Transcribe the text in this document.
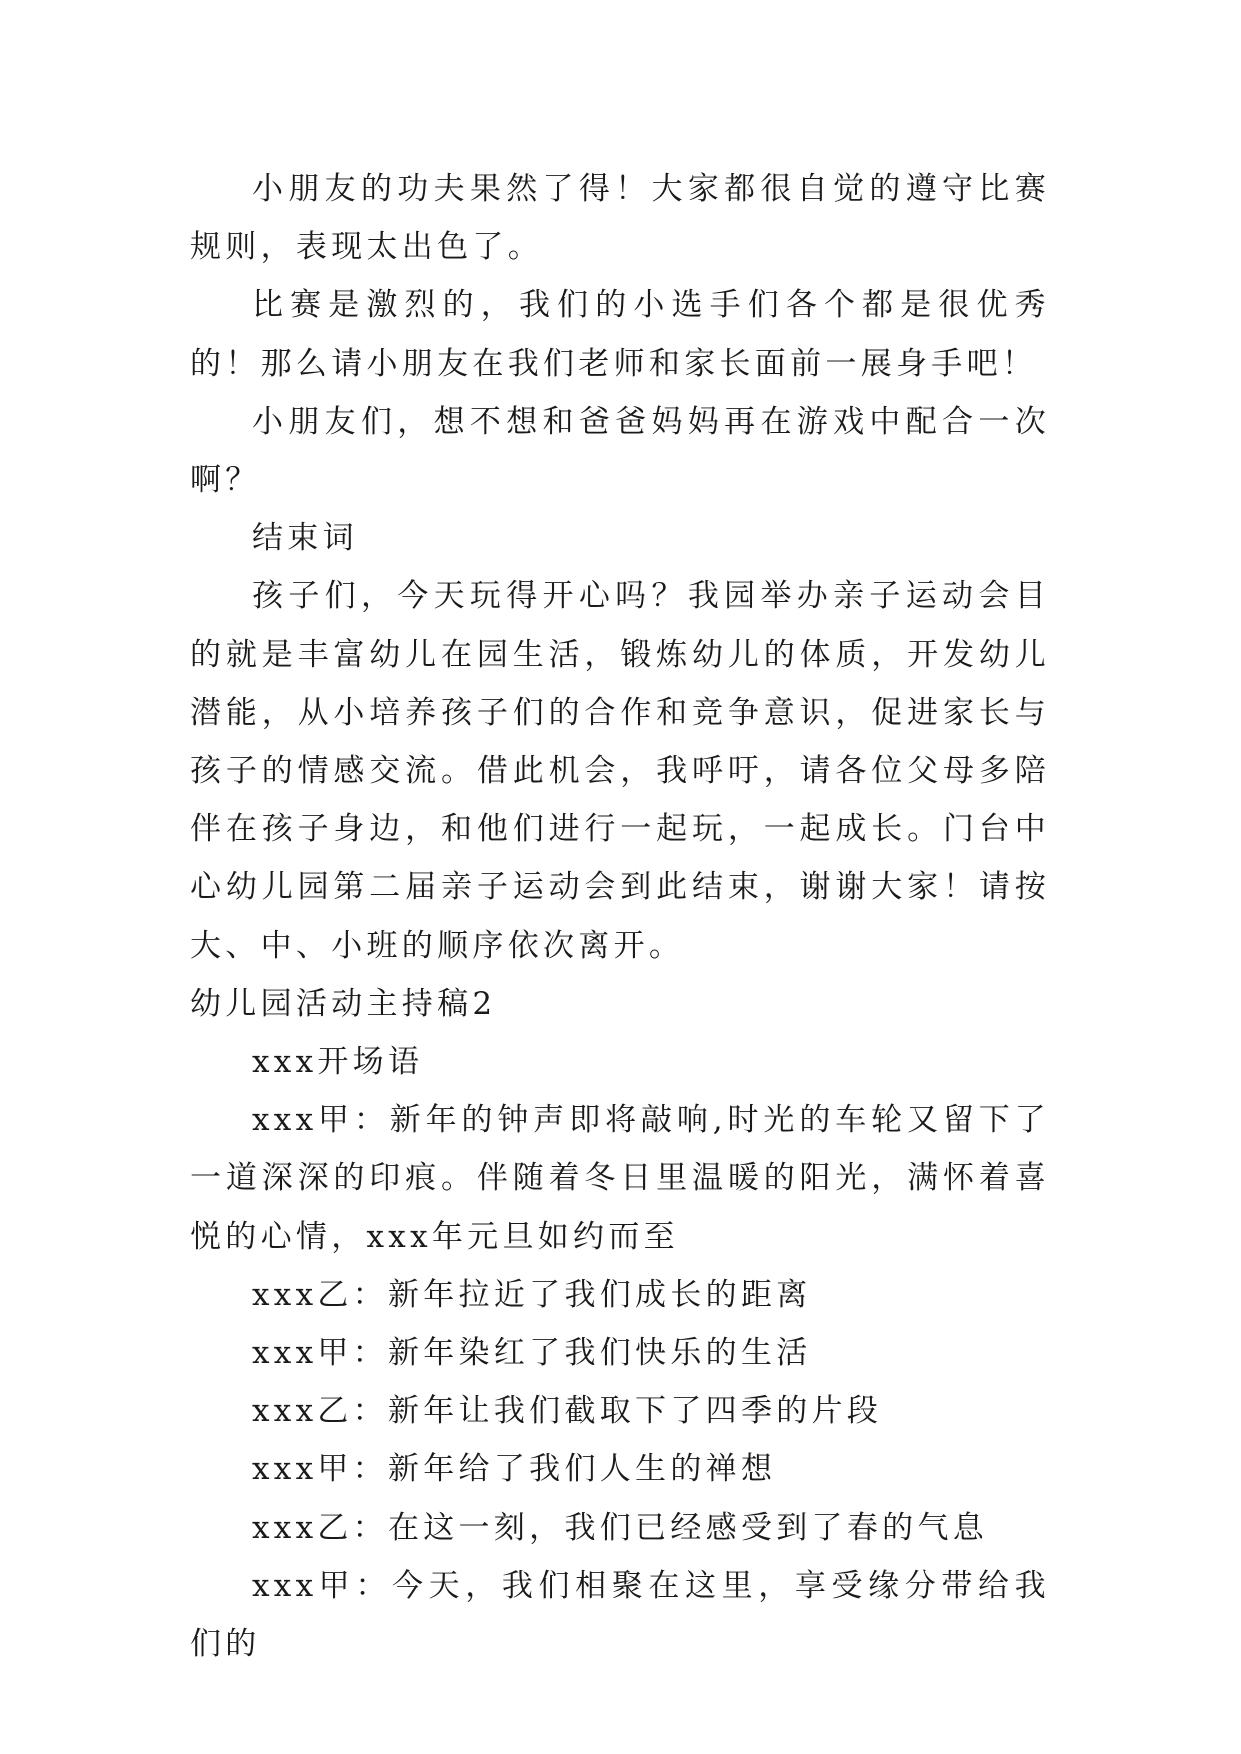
小朋友的功夫果然了得！大家都很自觉的遵守比赛规则，表现太出色了。

比赛是激烈的，我们的小选手们各个都是很优秀的！那么请小朋友在我们老师和家长面前一展身手吧！

小朋友们，想不想和爸爸妈妈再在游戏中配合一次啊？

结束词

孩子们，今天玩得开心吗？我园举办亲子运动会目的就是丰富幼儿在园生活，锻炼幼儿的体质，开发幼儿潜能，从小培养孩子们的合作和竞争意识，促进家长与孩子的情感交流。借此机会，我呼吁，请各位父母多陪伴在孩子身边，和他们进行一起玩，一起成长。门台中心幼儿园第二届亲子运动会到此结束，谢谢大家！请按大、中、小班的顺序依次离开。

幼儿园活动主持稿2

xxx开场语

xxx甲：新年的钟声即将敲响,时光的车轮又留下了一道深深的印痕。伴随着冬日里温暖的阳光，满怀着喜悦的心情，xxx年元旦如约而至

xxx乙：新年拉近了我们成长的距离

xxx甲：新年染红了我们快乐的生活

xxx乙：新年让我们截取下了四季的片段

xxx甲：新年给了我们人生的禅想

xxx乙：在这一刻，我们已经感受到了春的气息

xxx甲：今天，我们相聚在这里，享受缘分带给我们的
